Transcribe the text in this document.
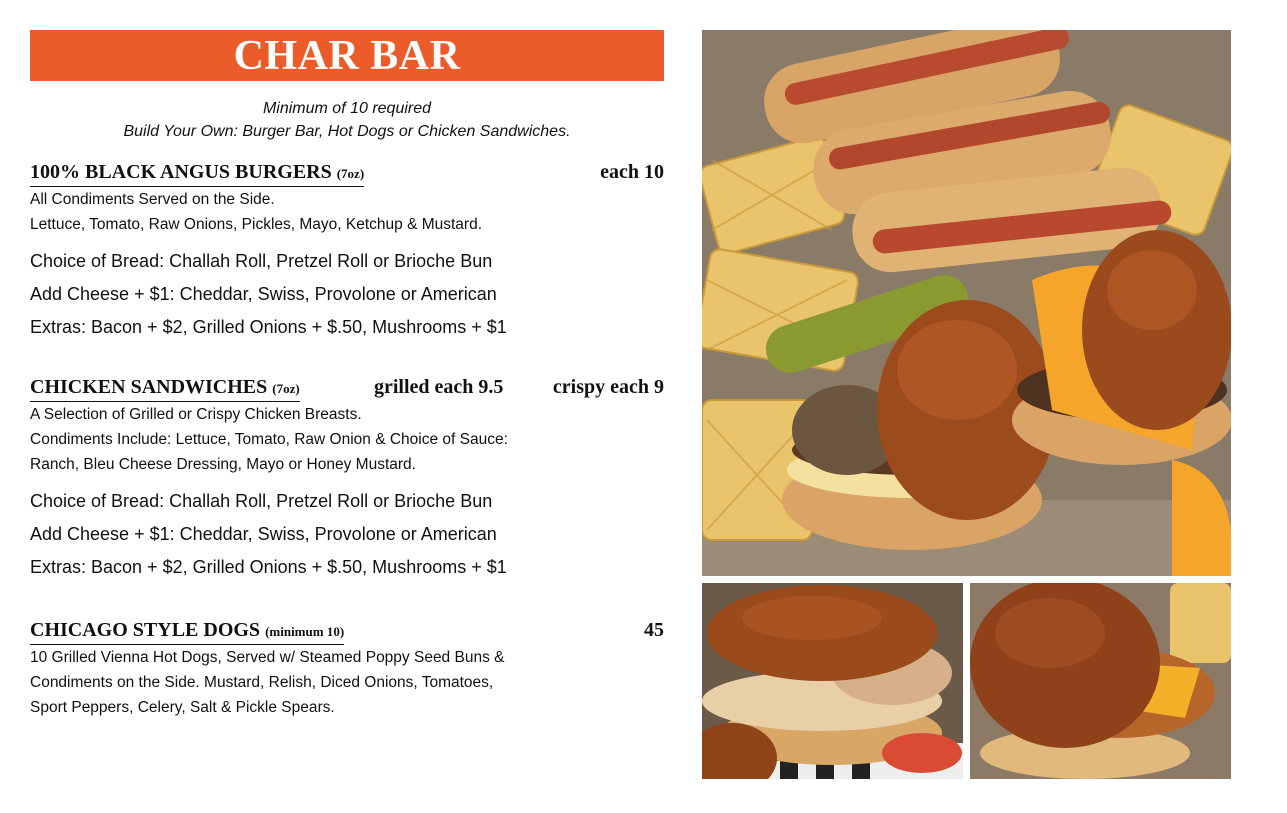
CHAR BAR
Minimum of 10 required
Build Your Own: Burger Bar, Hot Dogs or Chicken Sandwiches.
100% BLACK ANGUS BURGERS (7oz)	each 10
All Condiments Served on the Side.
Lettuce, Tomato, Raw Onions, Pickles, Mayo, Ketchup & Mustard.
Choice of Bread: Challah Roll, Pretzel Roll or Brioche Bun
Add Cheese + $1: Cheddar, Swiss, Provolone or American
Extras: Bacon + $2, Grilled Onions + $.50, Mushrooms + $1
CHICKEN SANDWICHES (7oz)	grilled each 9.5 crispy each 9
A Selection of Grilled or Crispy Chicken Breasts.
Condiments Include: Lettuce, Tomato, Raw Onion & Choice of Sauce:
Ranch, Bleu Cheese Dressing, Mayo or Honey Mustard.
Choice of Bread: Challah Roll, Pretzel Roll or Brioche Bun
Add Cheese + $1: Cheddar, Swiss, Provolone or American
Extras: Bacon + $2, Grilled Onions + $.50, Mushrooms + $1
CHICAGO STYLE DOGS (minimum 10)	45
10 Grilled Vienna Hot Dogs, Served w/ Steamed Poppy Seed Buns &
Condiments on the Side. Mustard, Relish, Diced Onions, Tomatoes,
Sport Peppers, Celery, Salt & Pickle Spears.
